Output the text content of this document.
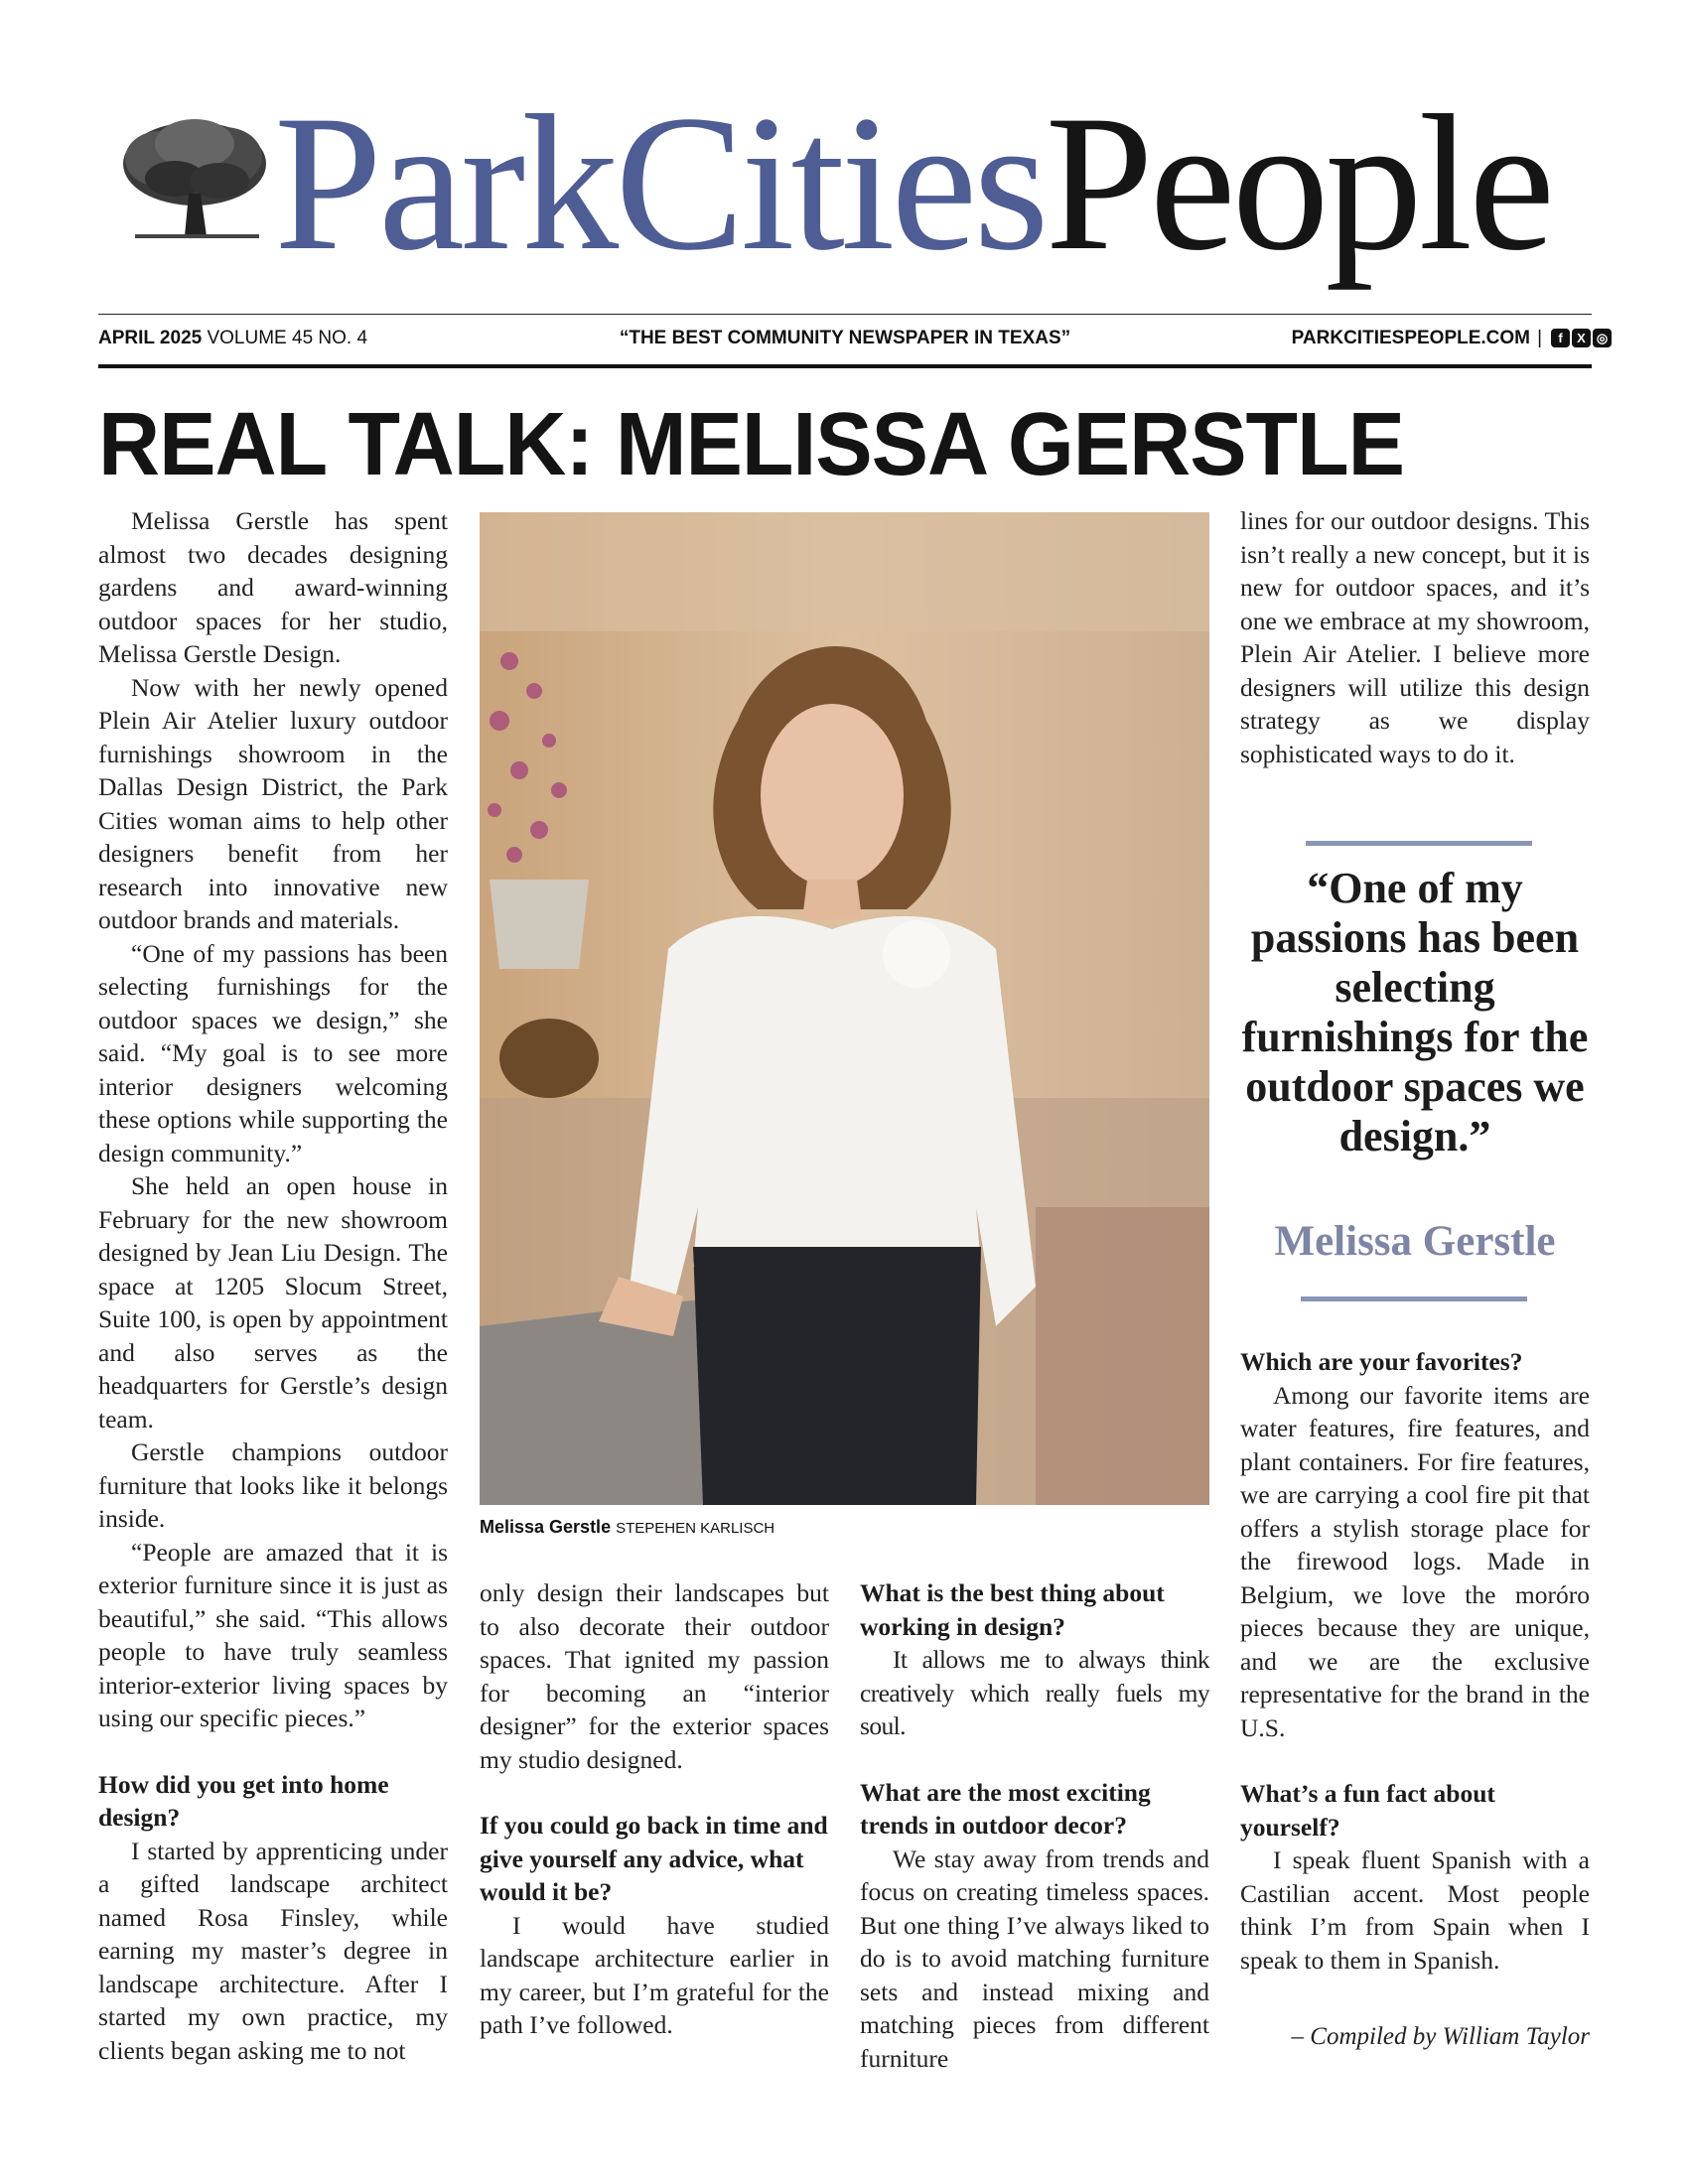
ParkCitiesPeople
APRIL 2025 VOLUME 45 NO. 4	“THE BEST COMMUNITY NEWSPAPER IN TEXAS”	PARKCITIESPEOPLE.COM |	f	X ◎
REAL TALK: MELISSA GERSTLE

Melissa Gerstle has spent almost two decades designing gardens and award-winning outdoor spaces for her studio, Melissa Gerstle Design.

Now with her newly opened Plein Air Atelier luxury outdoor furnishings showroom in the Dallas Design District, the Park Cities woman aims to help other designers benefit from her research into innovative new outdoor brands and materials.

“One of my passions has been selecting furnishings for the outdoor spaces we design,” she said. “My goal is to see more interior designers welcoming these options while supporting the design community.”

She held an open house in February for the new showroom designed by Jean Liu Design. The space at 1205 Slocum Street, Suite 100, is open by appointment and also serves as the headquarters for Gerstle’s design team.

Gerstle champions outdoor furniture that looks like it belongs inside.

“People are amazed that it is exterior furniture since it is just as beautiful,” she said. “This allows people to have truly seamless interior-exterior living spaces by using our specific pieces.”

How did you get into home design?

I started by apprenticing under a gifted landscape architect named Rosa Finsley, while earning my master’s degree in landscape architecture. After I started my own practice, my clients began asking me to not

Melissa Gerstle STEPEHEN KARLISCH

only design their landscapes but to also decorate their outdoor spaces. That ignited my passion for becoming an “interior designer” for the exterior spaces my studio designed.

If you could go back in time and give yourself any advice, what would it be?

I would have studied landscape architecture earlier in my career, but I’m grateful for the path I’ve followed.

What is the best thing about working in design?

It allows me to always think creatively which really fuels my soul.

What are the most exciting trends in outdoor decor?

We stay away from trends and focus on creating timeless spaces. But one thing I’ve always liked to do is to avoid matching furniture sets and instead mixing and matching pieces from different furniture

lines for our outdoor designs. This isn’t really a new concept, but it is new for outdoor spaces, and it’s one we embrace at my showroom, Plein Air Atelier. I believe more designers will utilize this design strategy as we display sophisticated ways to do it.

“One of my passions has been selecting furnishings for the outdoor spaces we design.”
Melissa Gerstle
Which are your favorites?

Among our favorite items are water features, fire features, and plant containers. For fire features, we are carrying a cool fire pit that offers a stylish storage place for the firewood logs. Made in Belgium, we love the moróro pieces because they are unique, and we are the exclusive representative for the brand in the U.S.

What’s a fun fact about yourself?

I speak fluent Spanish with a Castilian accent. Most people think I’m from Spain when I speak to them in Spanish.

– Compiled by William Taylor
